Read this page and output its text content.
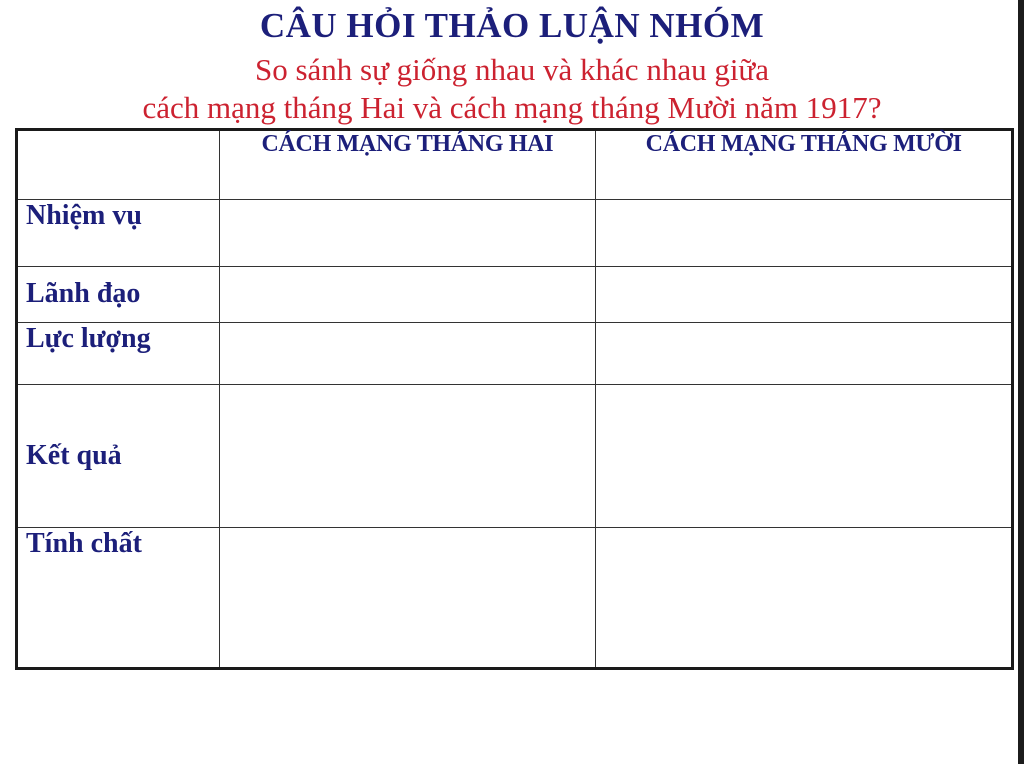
CÂU HỎI THẢO LUẬN NHÓM
So sánh sự giống nhau và khác nhau giữa
cách mạng tháng Hai và cách mạng tháng Mười năm 1917?
	CÁCH MẠNG THÁNG HAI	CÁCH MẠNG THÁNG MƯỜI
Nhiệm vụ		
Lãnh đạo		
Lực lượng		
Kết quả		
Tính chất		
